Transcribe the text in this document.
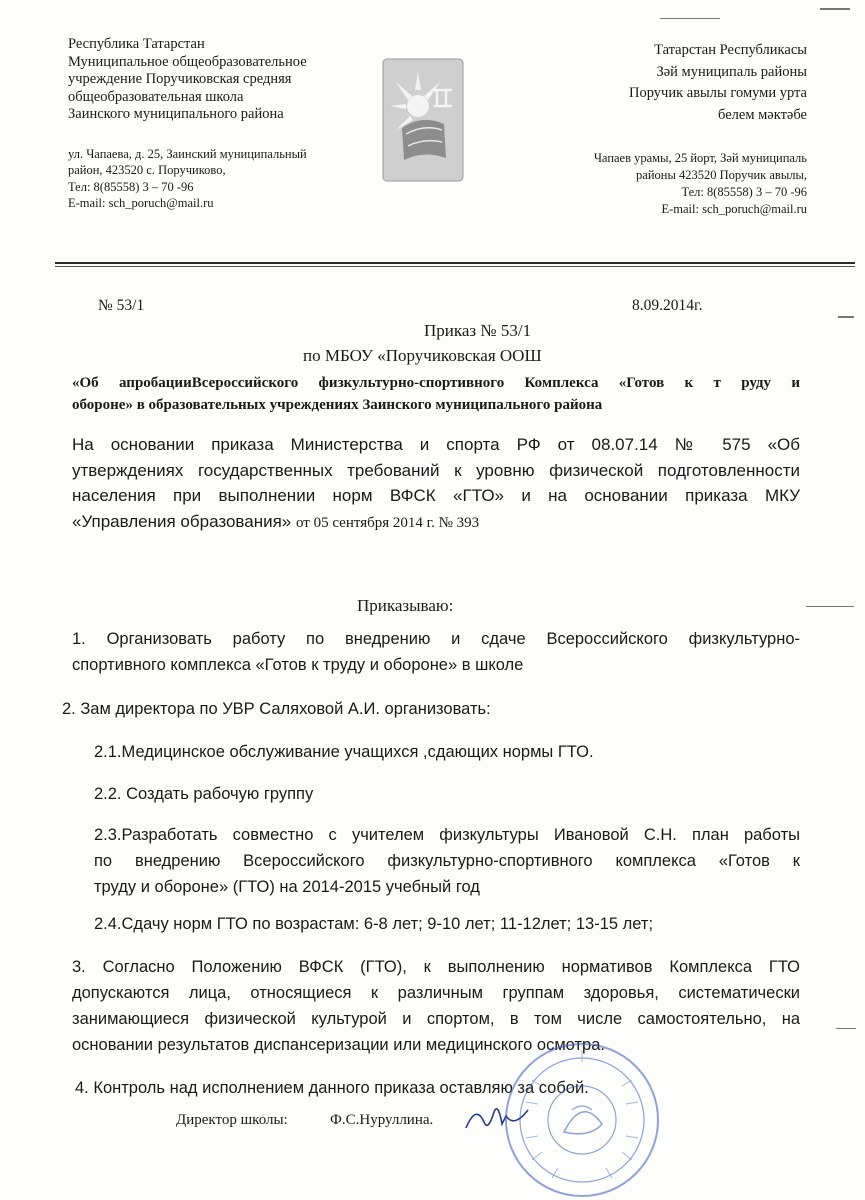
Республика Татарстан
Муниципальное общеобразовательное
учреждение Поручиковская средняя
общеобразовательная школа
Заинского муниципального района
ул. Чапаева, д. 25, Заинский муниципальный
район, 423520 с. Поручиково,
Тел: 8(85558) 3 – 70 -96
E-mail: sch_poruch@mail.ru
Татарстан Республикасы
Зәй муниципаль районы
Поручик авылы гомуми урта
белем мәктәбе
Чапаев урамы, 25 йорт, Зәй муниципаль
районы 423520 Поручик авылы,
Тел: 8(85558) 3 – 70 -96
E-mail: sch_poruch@mail.ru
№ 53/1	8.09.2014г.
Приказ № 53/1
по МБОУ «Поручиковская ООШ
«Об апробацииВсероссийского физкультурно-спортивного Комплекса «Готов к т руду и
обороне» в образовательных учреждениях Заинского муниципального района
На основании приказа Министерства и спорта РФ от 08.07.14 № 575 «Об
утверждениях государственных требований к уровню физической подготовленности
населения при выполнении норм ВФСК «ГТО» и на основании приказа МКУ
«Управления образования» от 05 сентября 2014 г. № 393
Приказываю:
1. Организовать работу по внедрению и сдаче Всероссийского физкультурно-
спортивного комплекса «Готов к труду и обороне» в школе
2. Зам директора по УВР Саляховой А.И. организовать:
2.1.Медицинское обслуживание учащихся ,сдающих нормы ГТО.
2.2. Создать рабочую группу
2.3.Разработать совместно с учителем физкультуры Ивановой С.Н. план работы
по внедрению Всероссийского физкультурно-спортивного комплекса «Готов к
труду и обороне» (ГТО) на 2014-2015 учебный год
2.4.Сдачу норм ГТО по возрастам: 6-8 лет; 9-10 лет; 11-12лет; 13-15 лет;
3. Согласно Положению ВФСК (ГТО), к выполнению нормативов Комплекса ГТО
допускаются лица, относящиеся к различным группам здоровья, систематически
занимающиеся физической культурой и спортом, в том числе самостоятельно, на
основании результатов диспансеризации или медицинского осмотра.
4. Контроль над исполнением данного приказа оставляю за собой.
Директор школы:	Ф.С.Нуруллина.
